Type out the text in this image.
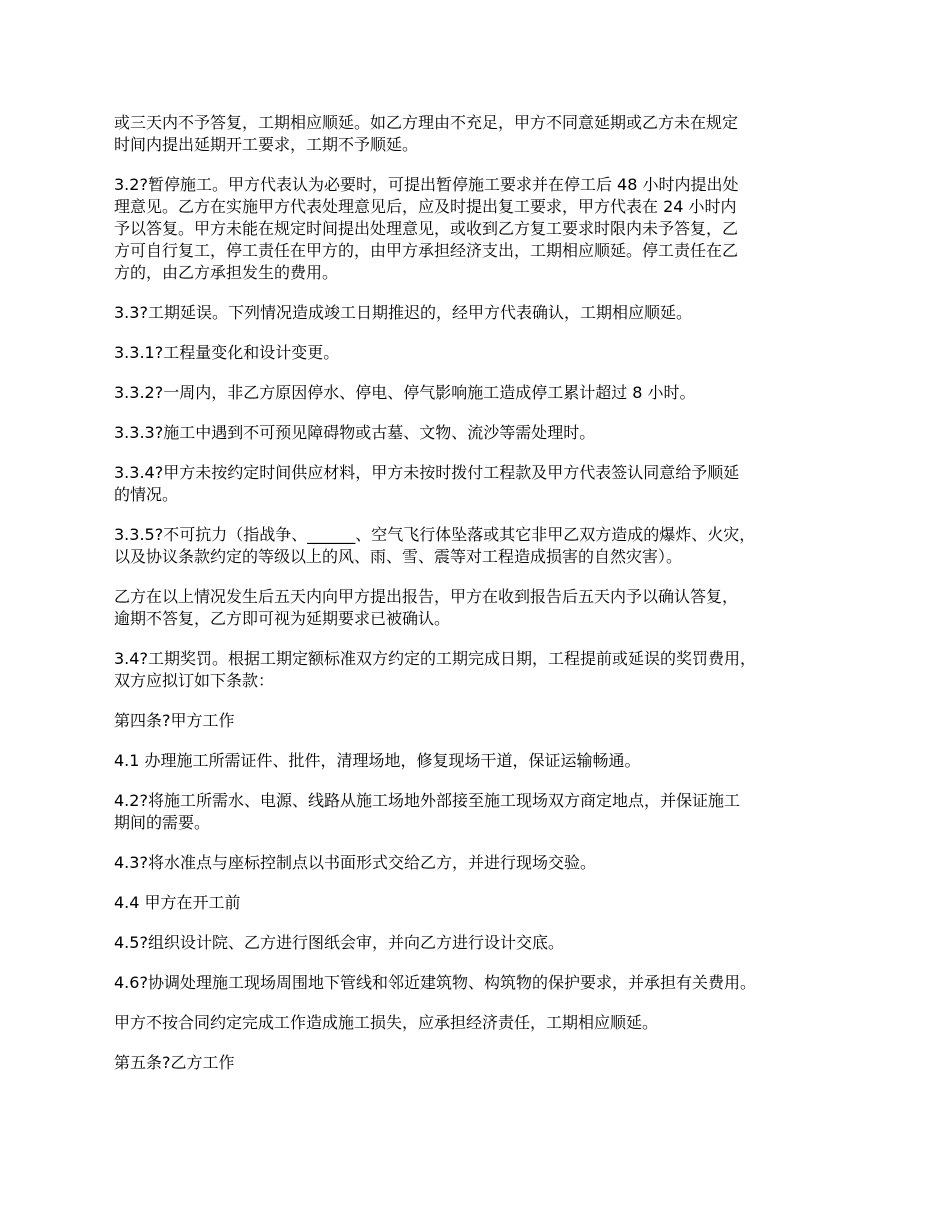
或三天内不予答复，工期相应顺延。如乙方理由不充足，甲方不同意延期或乙方未在规定
时间内提出延期开工要求，工期不予顺延。

3.2?暂停施工。甲方代表认为必要时，可提出暂停施工要求并在停工后 48 小时内提出处
理意见。乙方在实施甲方代表处理意见后，应及时提出复工要求，甲方代表在 24 小时内
予以答复。甲方未能在规定时间提出处理意见，或收到乙方复工要求时限内未予答复，乙
方可自行复工，停工责任在甲方的，由甲方承担经济支出，工期相应顺延。停工责任在乙
方的，由乙方承担发生的费用。

3.3?工期延误。下列情况造成竣工日期推迟的，经甲方代表确认，工期相应顺延。

3.3.1?工程量变化和设计变更。

3.3.2?一周内，非乙方原因停水、停电、停气影响施工造成停工累计超过 8 小时。

3.3.3?施工中遇到不可预见障碍物或古墓、文物、流沙等需处理时。

3.3.4?甲方未按约定时间供应材料，甲方未按时拨付工程款及甲方代表签认同意给予顺延
的情况。

3.3.5?不可抗力（指战争、______、空气飞行体坠落或其它非甲乙双方造成的爆炸、火灾，
以及协议条款约定的等级以上的风、雨、雪、震等对工程造成损害的自然灾害）。

乙方在以上情况发生后五天内向甲方提出报告，甲方在收到报告后五天内予以确认答复，
逾期不答复，乙方即可视为延期要求已被确认。

3.4?工期奖罚。根据工期定额标准双方约定的工期完成日期，工程提前或延误的奖罚费用，
双方应拟订如下条款：

第四条?甲方工作

4.1 办理施工所需证件、批件，清理场地，修复现场干道，保证运输畅通。

4.2?将施工所需水、电源、线路从施工场地外部接至施工现场双方商定地点，并保证施工
期间的需要。

4.3?将水准点与座标控制点以书面形式交给乙方，并进行现场交验。

4.4 甲方在开工前

4.5?组织设计院、乙方进行图纸会审，并向乙方进行设计交底。

4.6?协调处理施工现场周围地下管线和邻近建筑物、构筑物的保护要求，并承担有关费用。

甲方不按合同约定完成工作造成施工损失，应承担经济责任，工期相应顺延。

第五条?乙方工作
